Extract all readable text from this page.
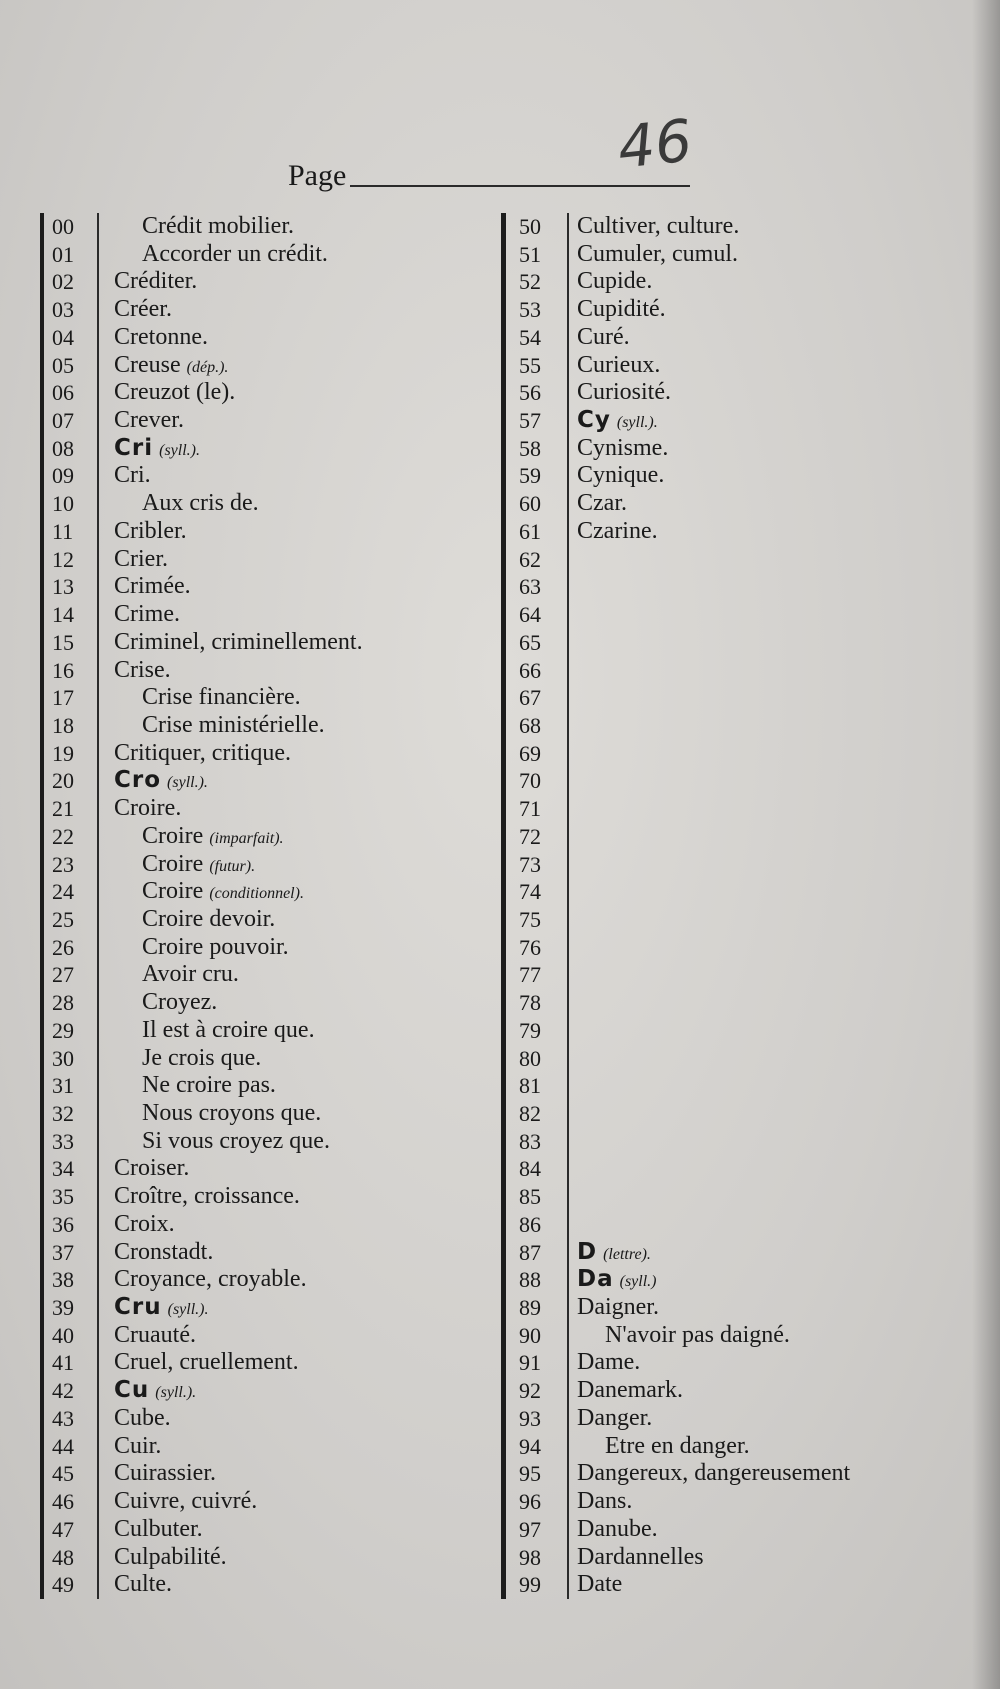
Page	46
00	Crédit mobilier.
01	Accorder un crédit.
02	Créditer.
03	Créer.
04	Cretonne.
05	Creuse (dép.).
06	Creuzot (le).
07	Crever.
08	Cri (syll.).
09	Cri.
10	Aux cris de.
11	Cribler.
12	Crier.
13	Crimée.
14	Crime.
15	Criminel, criminellement.
16	Crise.
17	Crise financière.
18	Crise ministérielle.
19	Critiquer, critique.
20	Cro (syll.).
21	Croire.
22	Croire (imparfait).
23	Croire (futur).
24	Croire (conditionnel).
25	Croire devoir.
26	Croire pouvoir.
27	Avoir cru.
28	Croyez.
29	Il est à croire que.
30	Je crois que.
31	Ne croire pas.
32	Nous croyons que.
33	Si vous croyez que.
34	Croiser.
35	Croître, croissance.
36	Croix.
37	Cronstadt.
38	Croyance, croyable.
39	Cru (syll.).
40	Cruauté.
41	Cruel, cruellement.
42	Cu (syll.).
43	Cube.
44	Cuir.
45	Cuirassier.
46	Cuivre, cuivré.
47	Culbuter.
48	Culpabilité.
49	Culte.
50	Cultiver, culture.
51	Cumuler, cumul.
52	Cupide.
53	Cupidité.
54	Curé.
55	Curieux.
56	Curiosité.
57	Cy (syll.).
58	Cynisme.
59	Cynique.
60	Czar.
61	Czarine.
62
63
64
65
66
67
68
69
70
71
72
73
74
75
76
77
78
79
80
81
82
83
84
85
86
87	D (lettre).
88	Da (syll.)
89	Daigner.
90	N'avoir pas daigné.
91	Dame.
92	Danemark.
93	Danger.
94	Etre en danger.
95	Dangereux, dangereusement
96	Dans.
97	Danube.
98	Dardannelles
99	Date
